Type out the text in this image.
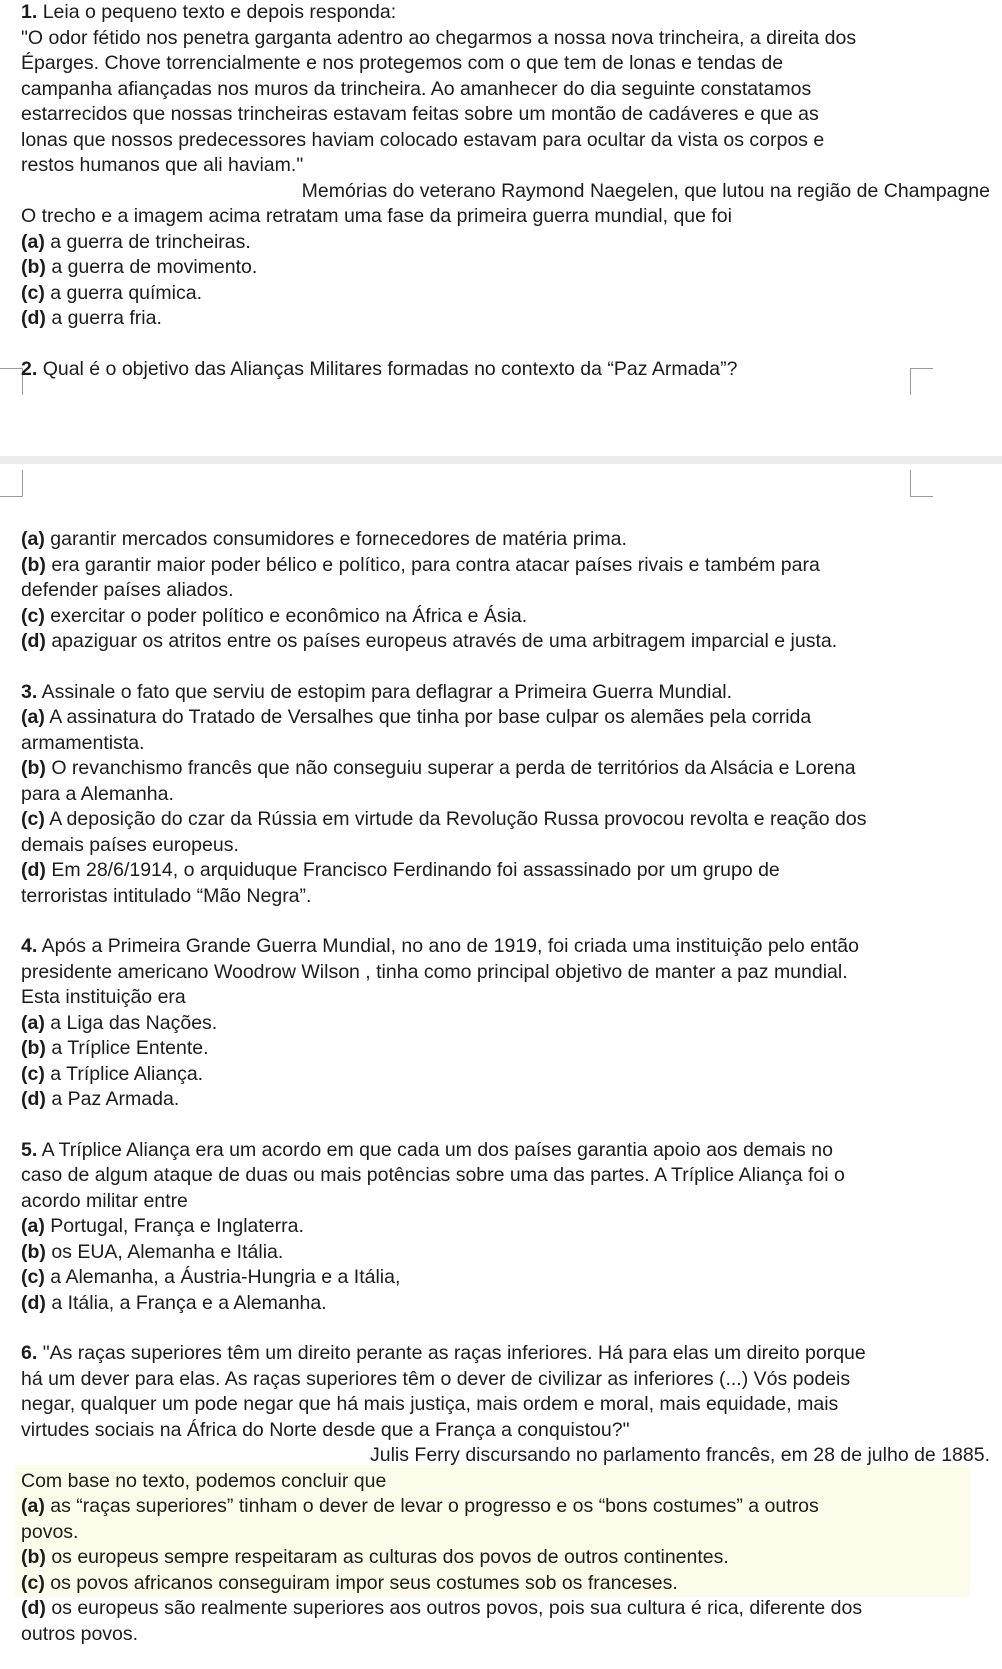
1. Leia o pequeno texto e depois responda:
"O odor fétido nos penetra garganta adentro ao chegarmos a nossa nova trincheira, a direita dos
Éparges. Chove torrencialmente e nos protegemos com o que tem de lonas e tendas de
campanha afiançadas nos muros da trincheira. Ao amanhecer do dia seguinte constatamos
estarrecidos que nossas trincheiras estavam feitas sobre um montão de cadáveres e que as
lonas que nossos predecessores haviam colocado estavam para ocultar da vista os corpos e
restos humanos que ali haviam."
Memórias do veterano Raymond Naegelen, que lutou na região de Champagne
O trecho e a imagem acima retratam uma fase da primeira guerra mundial, que foi
(a) a guerra de trincheiras.
(b) a guerra de movimento.
(c) a guerra química.
(d) a guerra fria.
2. Qual é o objetivo das Alianças Militares formadas no contexto da “Paz Armada”?
(a) garantir mercados consumidores e fornecedores de matéria prima.
(b) era garantir maior poder bélico e político, para contra atacar países rivais e também para
defender países aliados.
(c) exercitar o poder político e econômico na África e Ásia.
(d) apaziguar os atritos entre os países europeus através de uma arbitragem imparcial e justa.
3. Assinale o fato que serviu de estopim para deflagrar a Primeira Guerra Mundial.
(a) A assinatura do Tratado de Versalhes que tinha por base culpar os alemães pela corrida
armamentista.
(b) O revanchismo francês que não conseguiu superar a perda de territórios da Alsácia e Lorena
para a Alemanha.
(c) A deposição do czar da Rússia em virtude da Revolução Russa provocou revolta e reação dos
demais países europeus.
(d) Em 28/6/1914, o arquiduque Francisco Ferdinando foi assassinado por um grupo de
terroristas intitulado “Mão Negra”.
4. Após a Primeira Grande Guerra Mundial, no ano de 1919, foi criada uma instituição pelo então
presidente americano Woodrow Wilson , tinha como principal objetivo de manter a paz mundial.
Esta instituição era
(a) a Liga das Nações.
(b) a Tríplice Entente.
(c) a Tríplice Aliança.
(d) a Paz Armada.
5. A Tríplice Aliança era um acordo em que cada um dos países garantia apoio aos demais no
caso de algum ataque de duas ou mais potências sobre uma das partes. A Tríplice Aliança foi o
acordo militar entre
(a) Portugal, França e Inglaterra.
(b) os EUA, Alemanha e Itália.
(c) a Alemanha, a Áustria-Hungria e a Itália,
(d) a Itália, a França e a Alemanha.
6. "As raças superiores têm um direito perante as raças inferiores. Há para elas um direito porque
há um dever para elas. As raças superiores têm o dever de civilizar as inferiores (...) Vós podeis
negar, qualquer um pode negar que há mais justiça, mais ordem e moral, mais equidade, mais
virtudes sociais na África do Norte desde que a França a conquistou?"
Julis Ferry discursando no parlamento francês, em 28 de julho de 1885.
Com base no texto, podemos concluir que
(a) as “raças superiores” tinham o dever de levar o progresso e os “bons costumes” a outros
povos.
(b) os europeus sempre respeitaram as culturas dos povos de outros continentes.
(c) os povos africanos conseguiram impor seus costumes sob os franceses.
(d) os europeus são realmente superiores aos outros povos, pois sua cultura é rica, diferente dos
outros povos.
